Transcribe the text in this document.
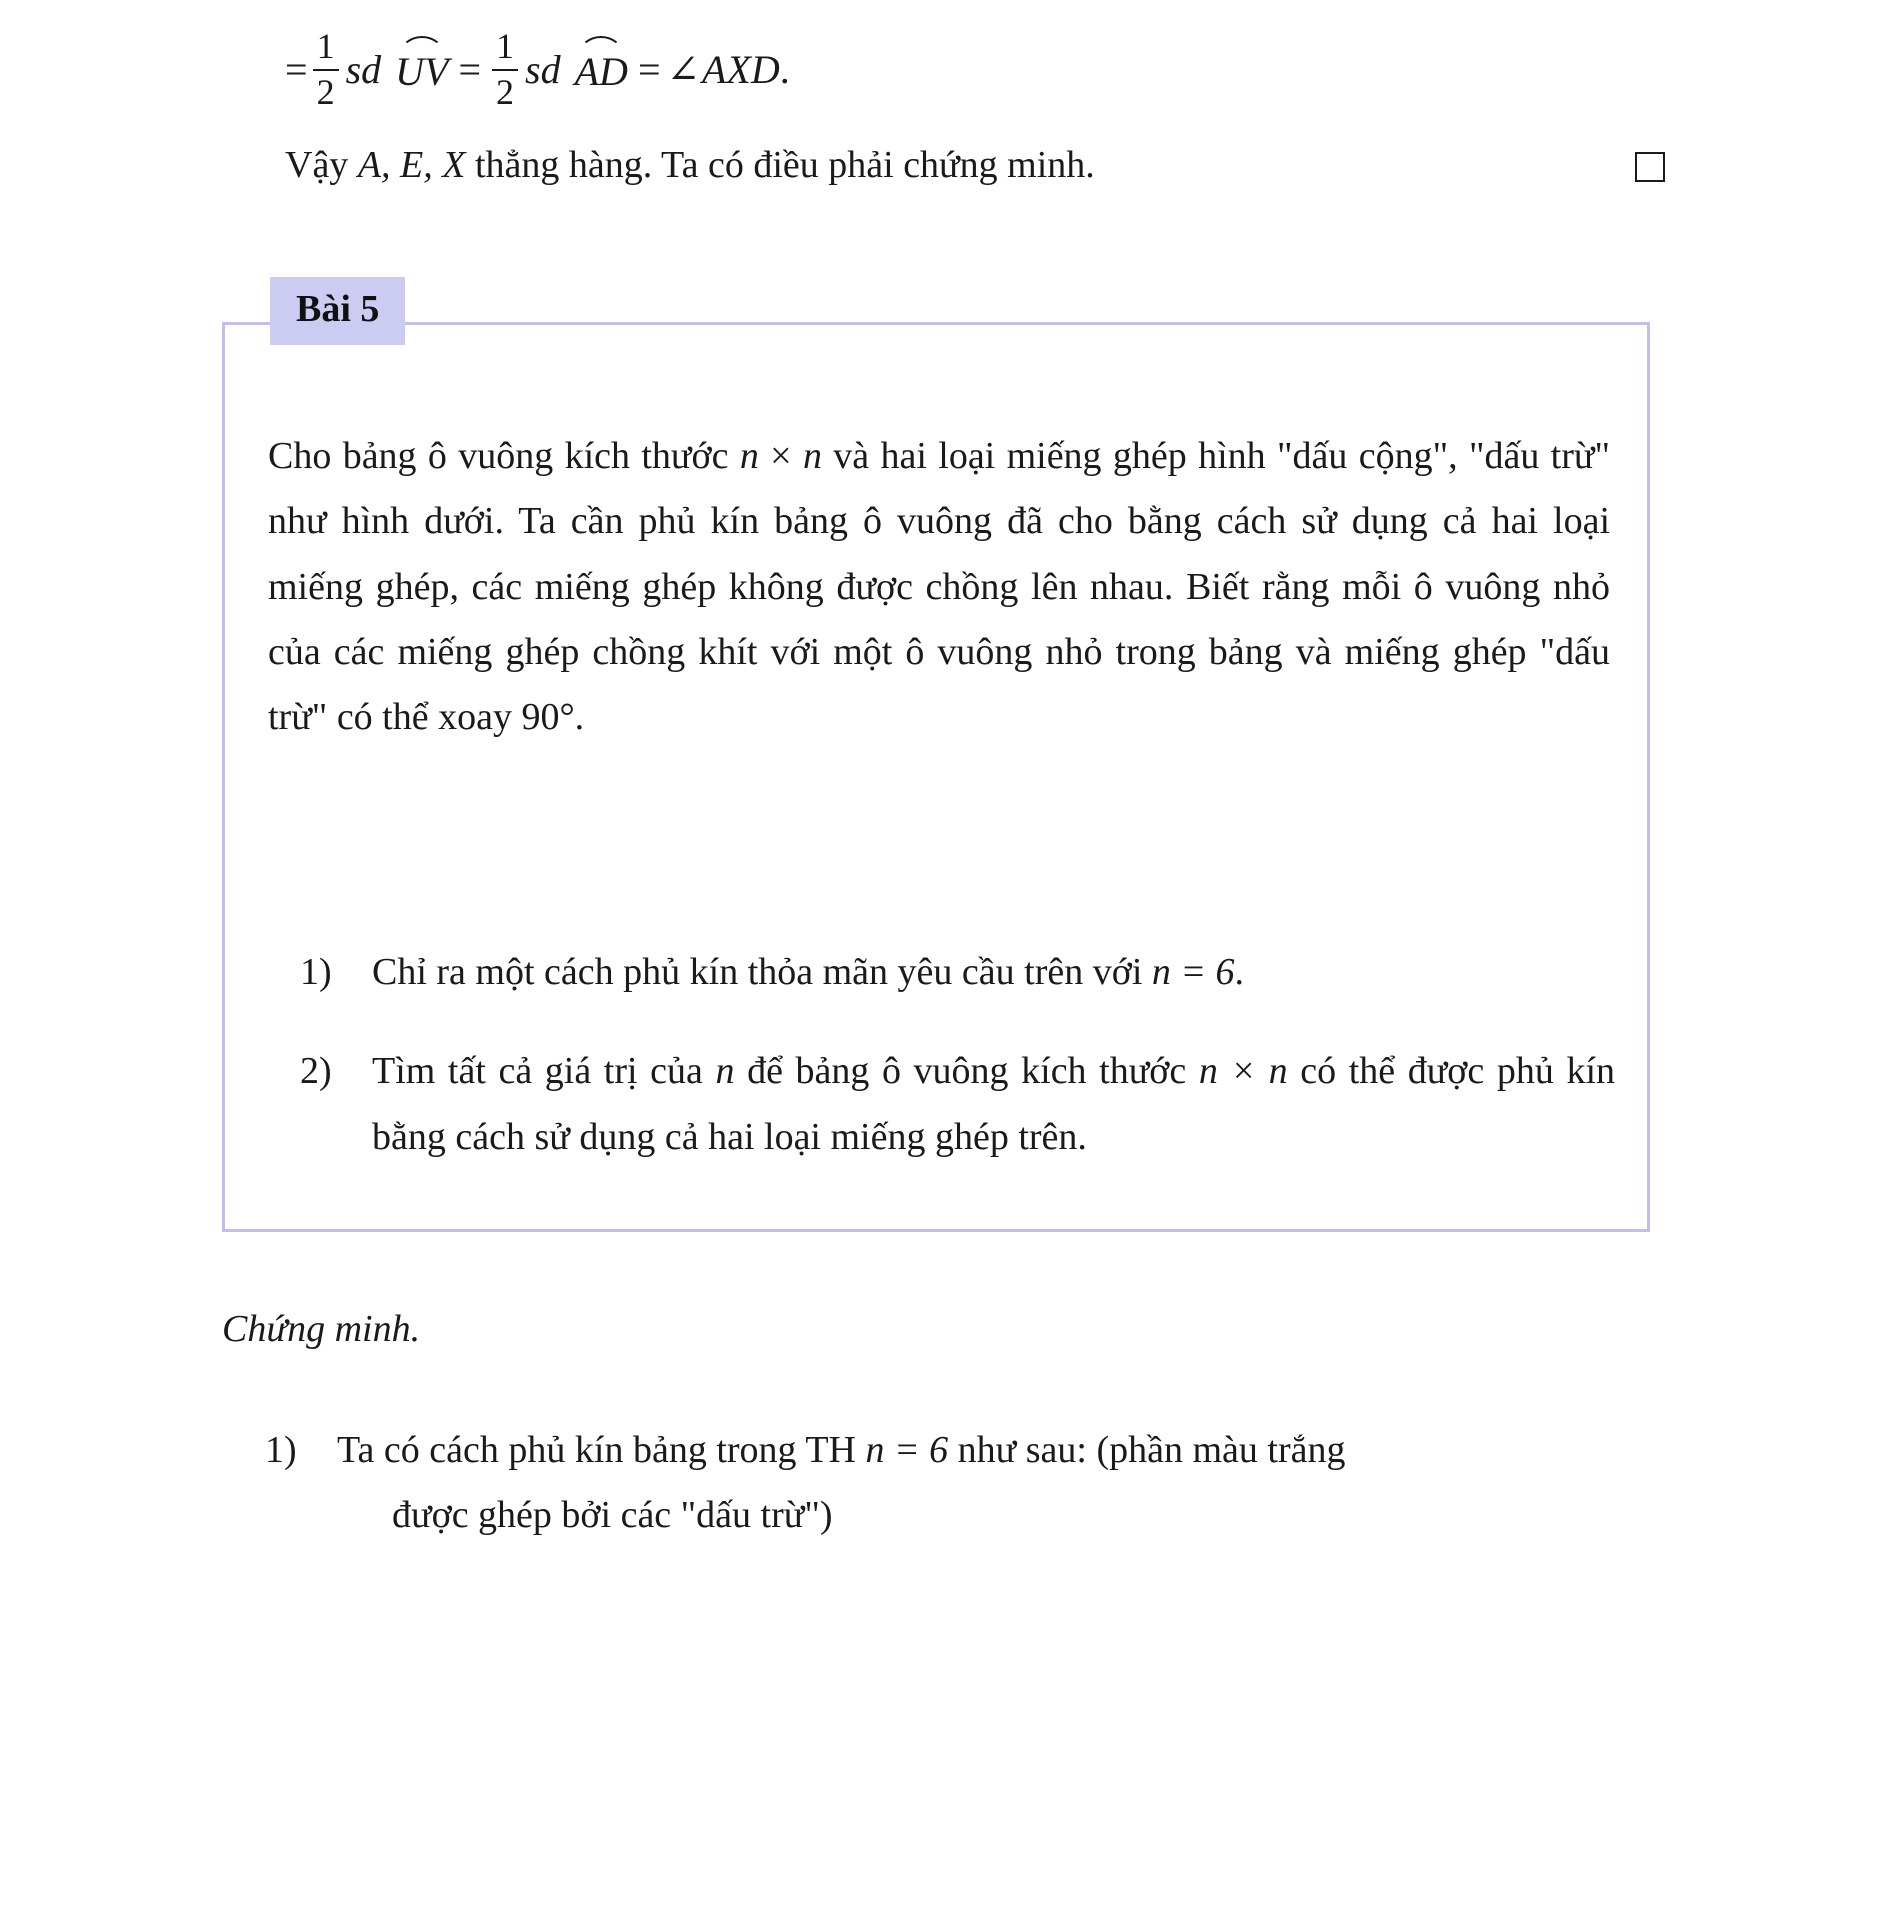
= $\frac{1}{2}$ sd UV = $\frac{1}{2}$ sd AD = ∠ AXD .
Vậy A, E, X thẳng hàng. Ta có điều phải chứng minh.
Bài 5

Cho bảng ô vuông kích thước n × n và hai loại miếng ghép hình "dấu cộng", "dấu trừ" như hình dưới. Ta cần phủ kín bảng ô vuông đã cho bằng cách sử dụng cả hai loại miếng ghép, các miếng ghép không được chồng lên nhau. Biết rằng mỗi ô vuông nhỏ của các miếng ghép chồng khít với một ô vuông nhỏ trong bảng và miếng ghép "dấu trừ" có thể xoay 90°.

1)	Chỉ ra một cách phủ kín thỏa mãn yêu cầu trên với n = 6.
2)	Tìm tất cả giá trị của n để bảng ô vuông kích thước n × n có thể được phủ kín bằng cách sử dụng cả hai loại miếng ghép trên.
Chứng minh.
1)	Ta có cách phủ kín bảng trong TH n = 6 như sau: (phần màu trắng
được ghép bởi các "dấu trừ")
